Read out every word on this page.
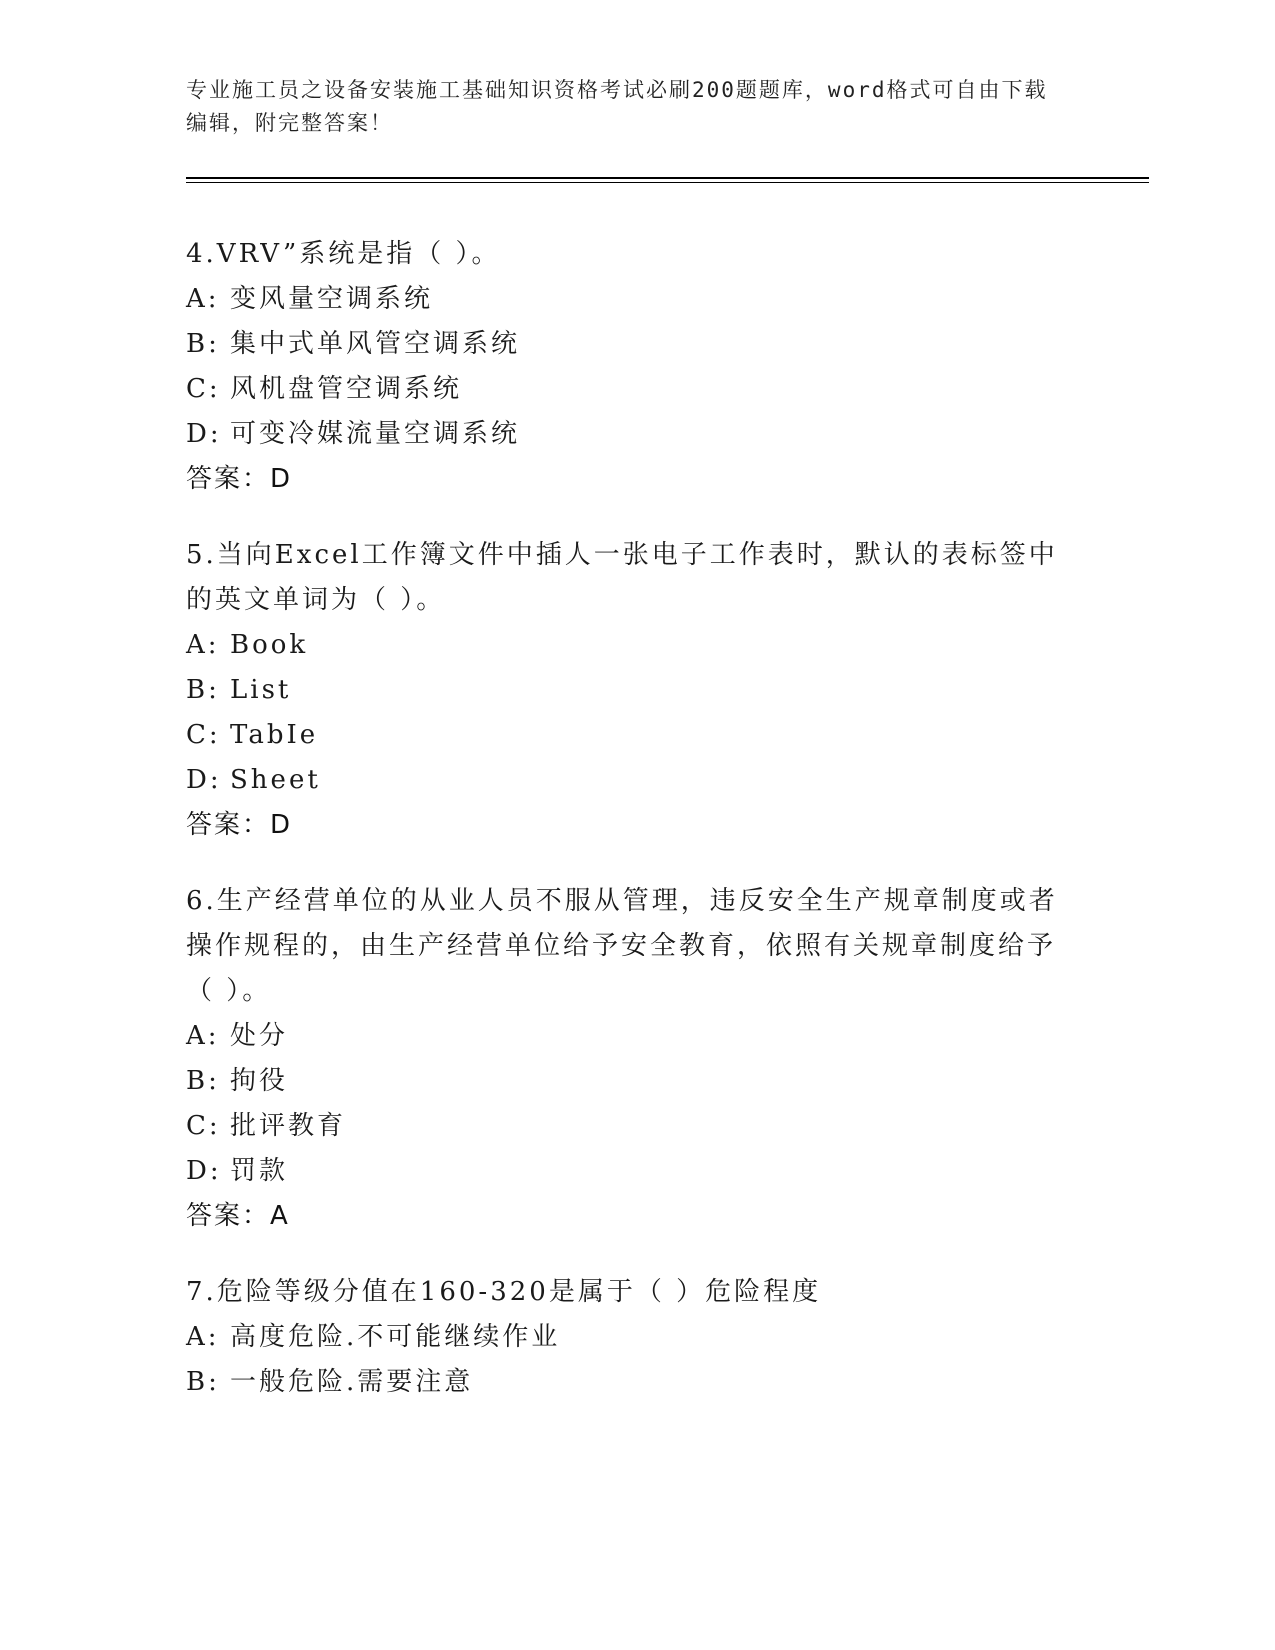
专业施工员之设备安装施工基础知识资格考试必刷200题题库，word格式可自由下载编辑，附完整答案！
4.VRV”系统是指（ ）。
A: 变风量空调系统
B: 集中式单风管空调系统
C: 风机盘管空调系统
D: 可变冷媒流量空调系统
答案：D
5.当向Excel工作簿文件中插人一张电子工作表时，默认的表标签中的英文单词为（ ）。
A: Book
B: List
C: TabIe
D: Sheet
答案：D
6.生产经营单位的从业人员不服从管理，违反安全生产规章制度或者操作规程的，由生产经营单位给予安全教育，依照有关规章制度给予（ ）。
A: 处分
B: 拘役
C: 批评教育
D: 罚款
答案：A
7.危险等级分值在160-320是属于（ ）危险程度
A: 高度危险.不可能继续作业
B: 一般危险.需要注意
